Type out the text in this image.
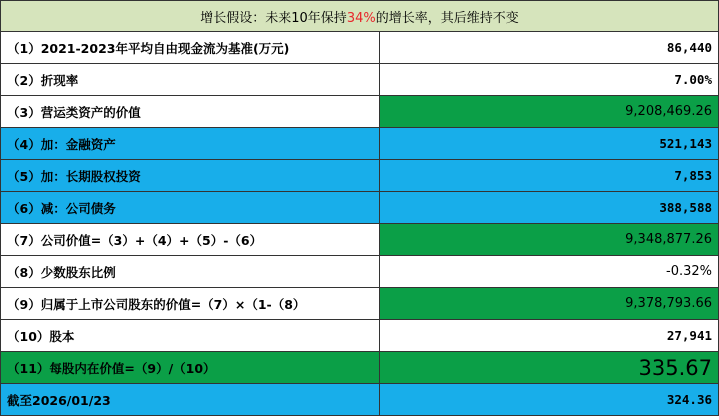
增长假设：未来10年保持34%的增长率，其后维持不变	
（1）2021-2023年平均自由现金流为基准(万元)	86,440
（2）折现率	7.00%
（3）营运类资产的价值	9,208,469.26
（4）加：金融资产	521,143
（5）加：长期股权投资	7,853
（6）减：公司债务	388,588
（7）公司价值=（3）+（4）+（5）-（6）	9,348,877.26
（8）少数股东比例	-0.32%
（9）归属于上市公司股东的价值=（7）×（1-（8）	9,378,793.66
（10）股本	27,941
（11）每股内在价值=（9）/（10）	335.67
截至2026/01/23	324.36
